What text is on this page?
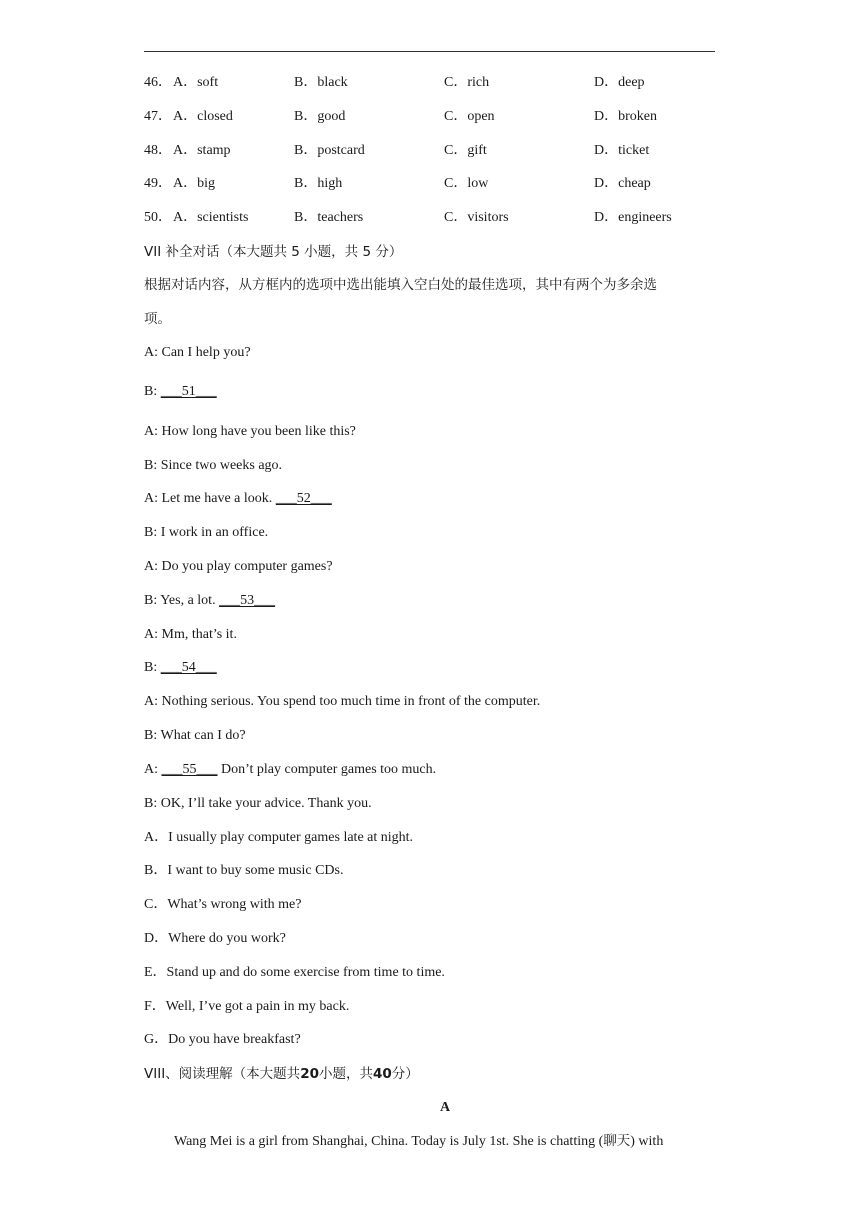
46． A．soft	B．black	C．rich	D．deep
47． A．closed	B．good	C．open	D．broken
48． A．stamp	B．postcard	C．gift	D．ticket
49． A．big	B．high	C．low	D．cheap
50． A．scientists	B．teachers	C．visitors	D．engineers
VII 补全对话（本大题共 5 小题，共 5 分）
根据对话内容，从方框内的选项中选出能填入空白处的最佳选项，其中有两个为多余选
项。
A: Can I help you?
B: ___51___
A: How long have you been like this?
B: Since two weeks ago.
A: Let me have a look. ___52___
B: I work in an office.
A: Do you play computer games?
B: Yes, a lot. ___53___
A: Mm, that’s it.
B: ___54___
A: Nothing serious. You spend too much time in front of the computer.
B: What can I do?
A: ___55___ Don’t play computer games too much.
B: OK, I’ll take your advice. Thank you.
A．I usually play computer games late at night.
B．I want to buy some music CDs.
C．What’s wrong with me?
D．Where do you work?
E．Stand up and do some exercise from time to time.
F．Well, I’ve got a pain in my back.
G．Do you have breakfast?
VIII、阅读理解（本大题共20小题，共40分）
A
Wang Mei is a girl from Shanghai, China. Today is July 1st. She is chatting (聊天) with
